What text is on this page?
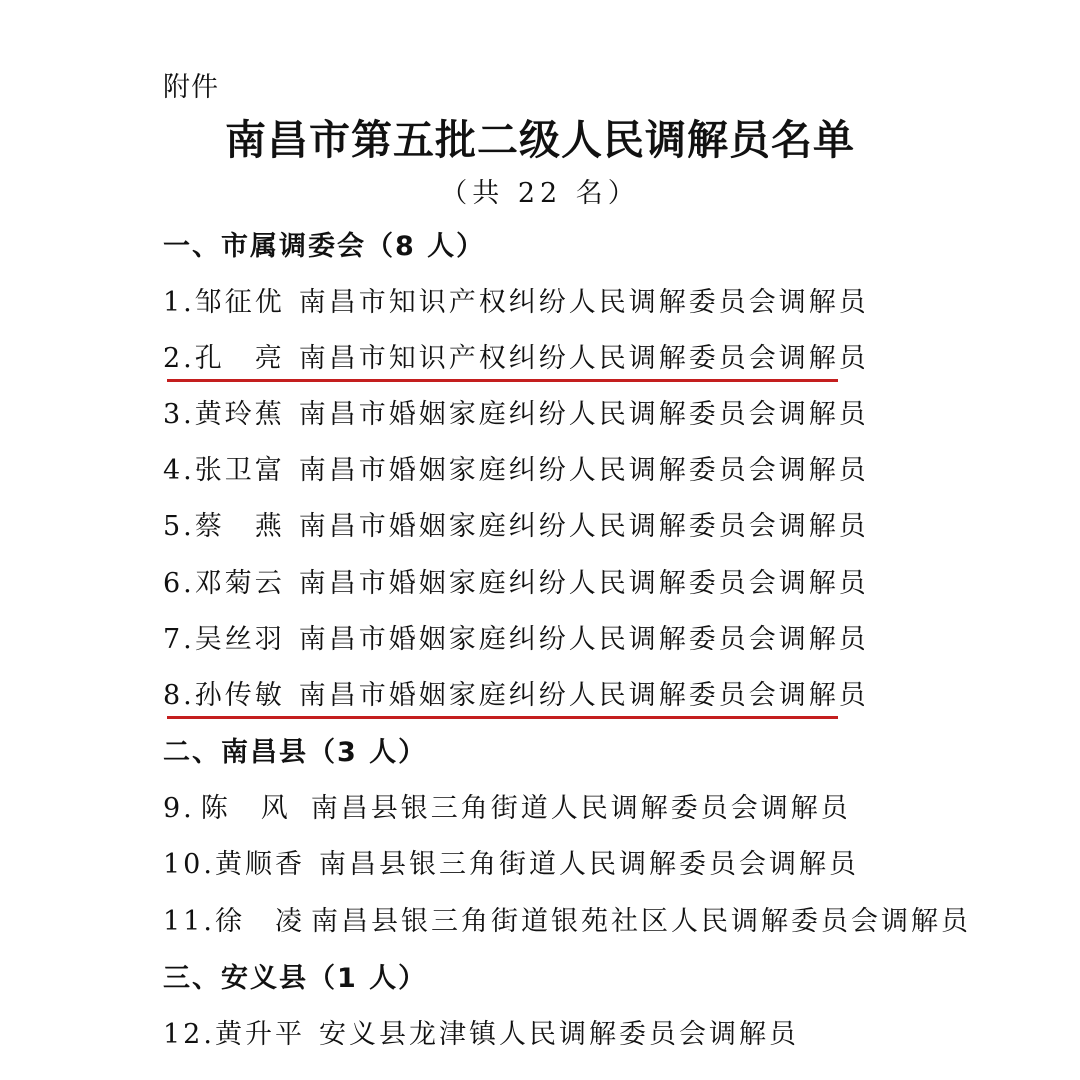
附件
南昌市第五批二级人民调解员名单
（共 22 名）
一、市属调委会（8 人）
1.邹征优 南昌市知识产权纠纷人民调解委员会调解员
2.孔　亮 南昌市知识产权纠纷人民调解委员会调解员
3.黄玲蕉 南昌市婚姻家庭纠纷人民调解委员会调解员
4.张卫富 南昌市婚姻家庭纠纷人民调解委员会调解员
5.蔡　燕 南昌市婚姻家庭纠纷人民调解委员会调解员
6.邓菊云 南昌市婚姻家庭纠纷人民调解委员会调解员
7.吴丝羽 南昌市婚姻家庭纠纷人民调解委员会调解员
8.孙传敏 南昌市婚姻家庭纠纷人民调解委员会调解员
二、南昌县（3 人）
9. 陈　风 南昌县银三角街道人民调解委员会调解员
10.黄顺香 南昌县银三角街道人民调解委员会调解员
11.徐　凌 南昌县银三角街道银苑社区人民调解委员会调解员
三、安义县（1 人）
12.黄升平 安义县龙津镇人民调解委员会调解员
